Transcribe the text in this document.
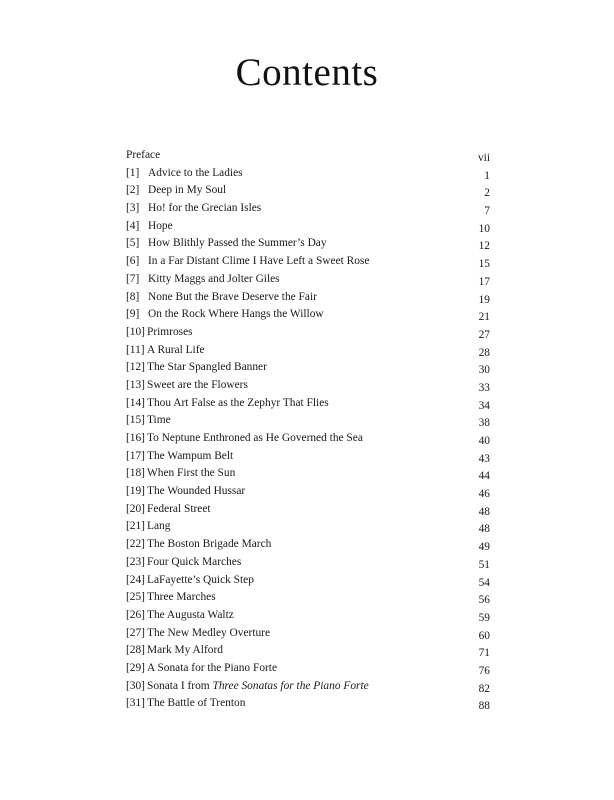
Contents
Preface	vii
[1] Advice to the Ladies	1
[2] Deep in My Soul	2
[3] Ho! for the Grecian Isles	7
[4] Hope	10
[5] How Blithly Passed the Summer’s Day	12
[6] In a Far Distant Clime I Have Left a Sweet Rose	15
[7] Kitty Maggs and Jolter Giles	17
[8] None But the Brave Deserve the Fair	19
[9] On the Rock Where Hangs the Willow	21
[10] Primroses	27
[11] A Rural Life	28
[12] The Star Spangled Banner	30
[13] Sweet are the Flowers	33
[14] Thou Art False as the Zephyr That Flies	34
[15] Time	38
[16] To Neptune Enthroned as He Governed the Sea	40
[17] The Wampum Belt	43
[18] When First the Sun	44
[19] The Wounded Hussar	46
[20] Federal Street	48
[21] Lang	48
[22] The Boston Brigade March	49
[23] Four Quick Marches	51
[24] LaFayette’s Quick Step	54
[25] Three Marches	56
[26] The Augusta Waltz	59
[27] The New Medley Overture	60
[28] Mark My Alford	71
[29] A Sonata for the Piano Forte	76
[30] Sonata I from Three Sonatas for the Piano Forte	82
[31] The Battle of Trenton	88
